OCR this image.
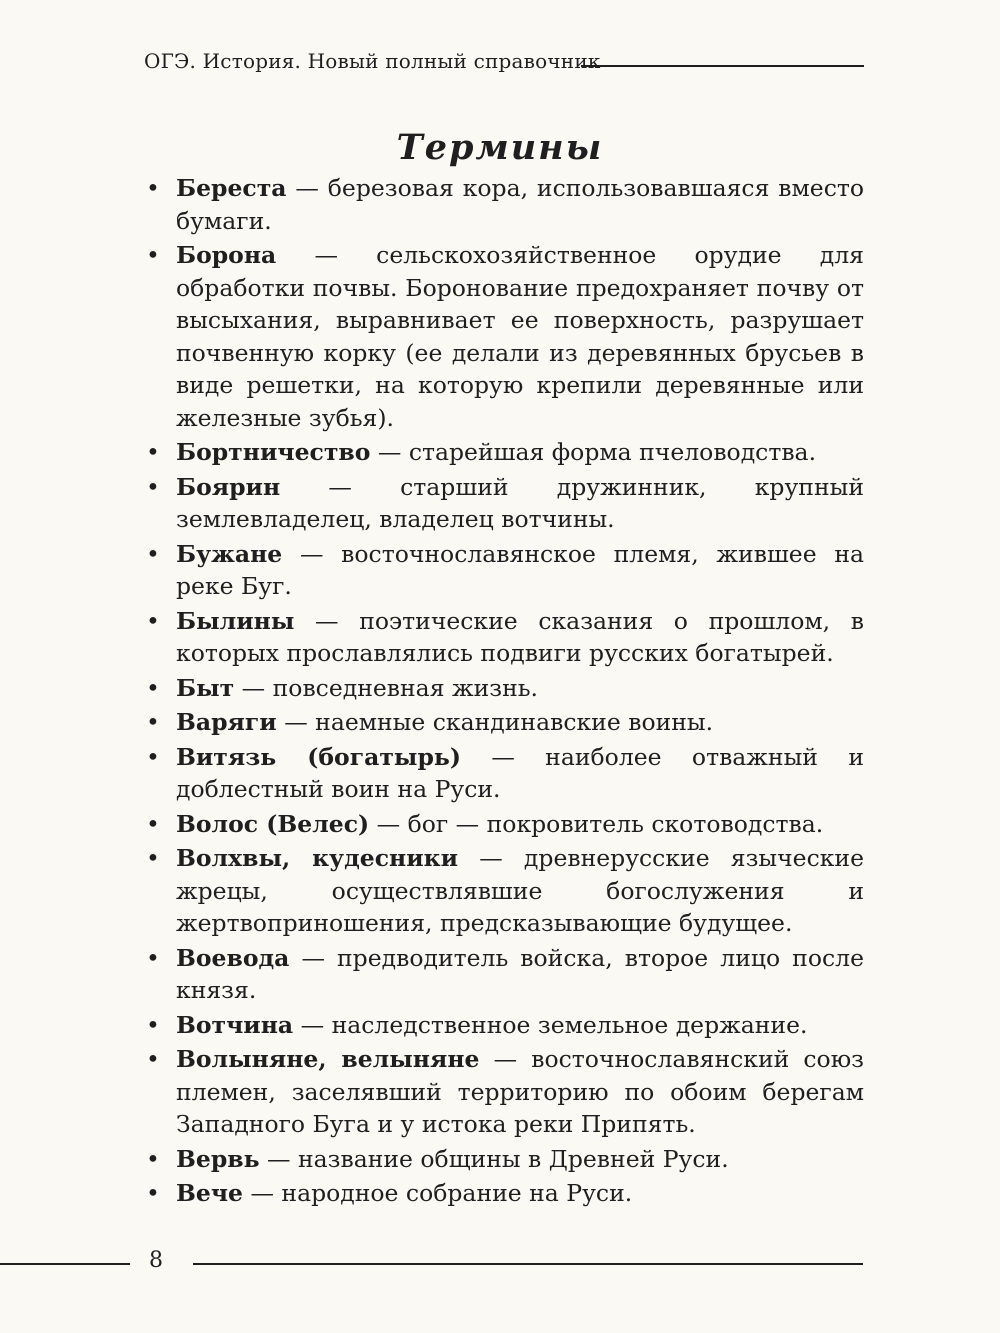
ОГЭ. История. Новый полный справочник
Термины
• Береста — березовая кора, использовавшаяся вместо бумаги.
• Борона — сельскохозяйственное орудие для обработки почвы. Боронование предохраняет почву от высыхания, выравнивает ее поверхность, разрушает почвенную корку (ее делали из деревянных брусьев в виде решетки, на которую крепили деревянные или железные зубья).
• Бортничество — старейшая форма пчеловодства.
• Боярин — старший дружинник, крупный землевладелец, владелец вотчины.
• Бужане — восточнославянское племя, жившее на реке Буг.
• Былины — поэтические сказания о прошлом, в которых прославлялись подвиги русских богатырей.
• Быт — повседневная жизнь.
• Варяги — наемные скандинавские воины.
• Витязь (богатырь) — наиболее отважный и доблестный воин на Руси.
• Волос (Велес) — бог — покровитель скотоводства.
• Волхвы, кудесники — древнерусские языческие жрецы, осуществлявшие богослужения и жертвоприношения, предсказывающие будущее.
• Воевода — предводитель войска, второе лицо после князя.
• Вотчина — наследственное земельное держание.
• Волыняне, велыняне — восточнославянский союз племен, заселявший территорию по обоим берегам Западного Буга и у истока реки Припять.
• Вервь — название общины в Древней Руси.
• Вече — народное собрание на Руси.
8
